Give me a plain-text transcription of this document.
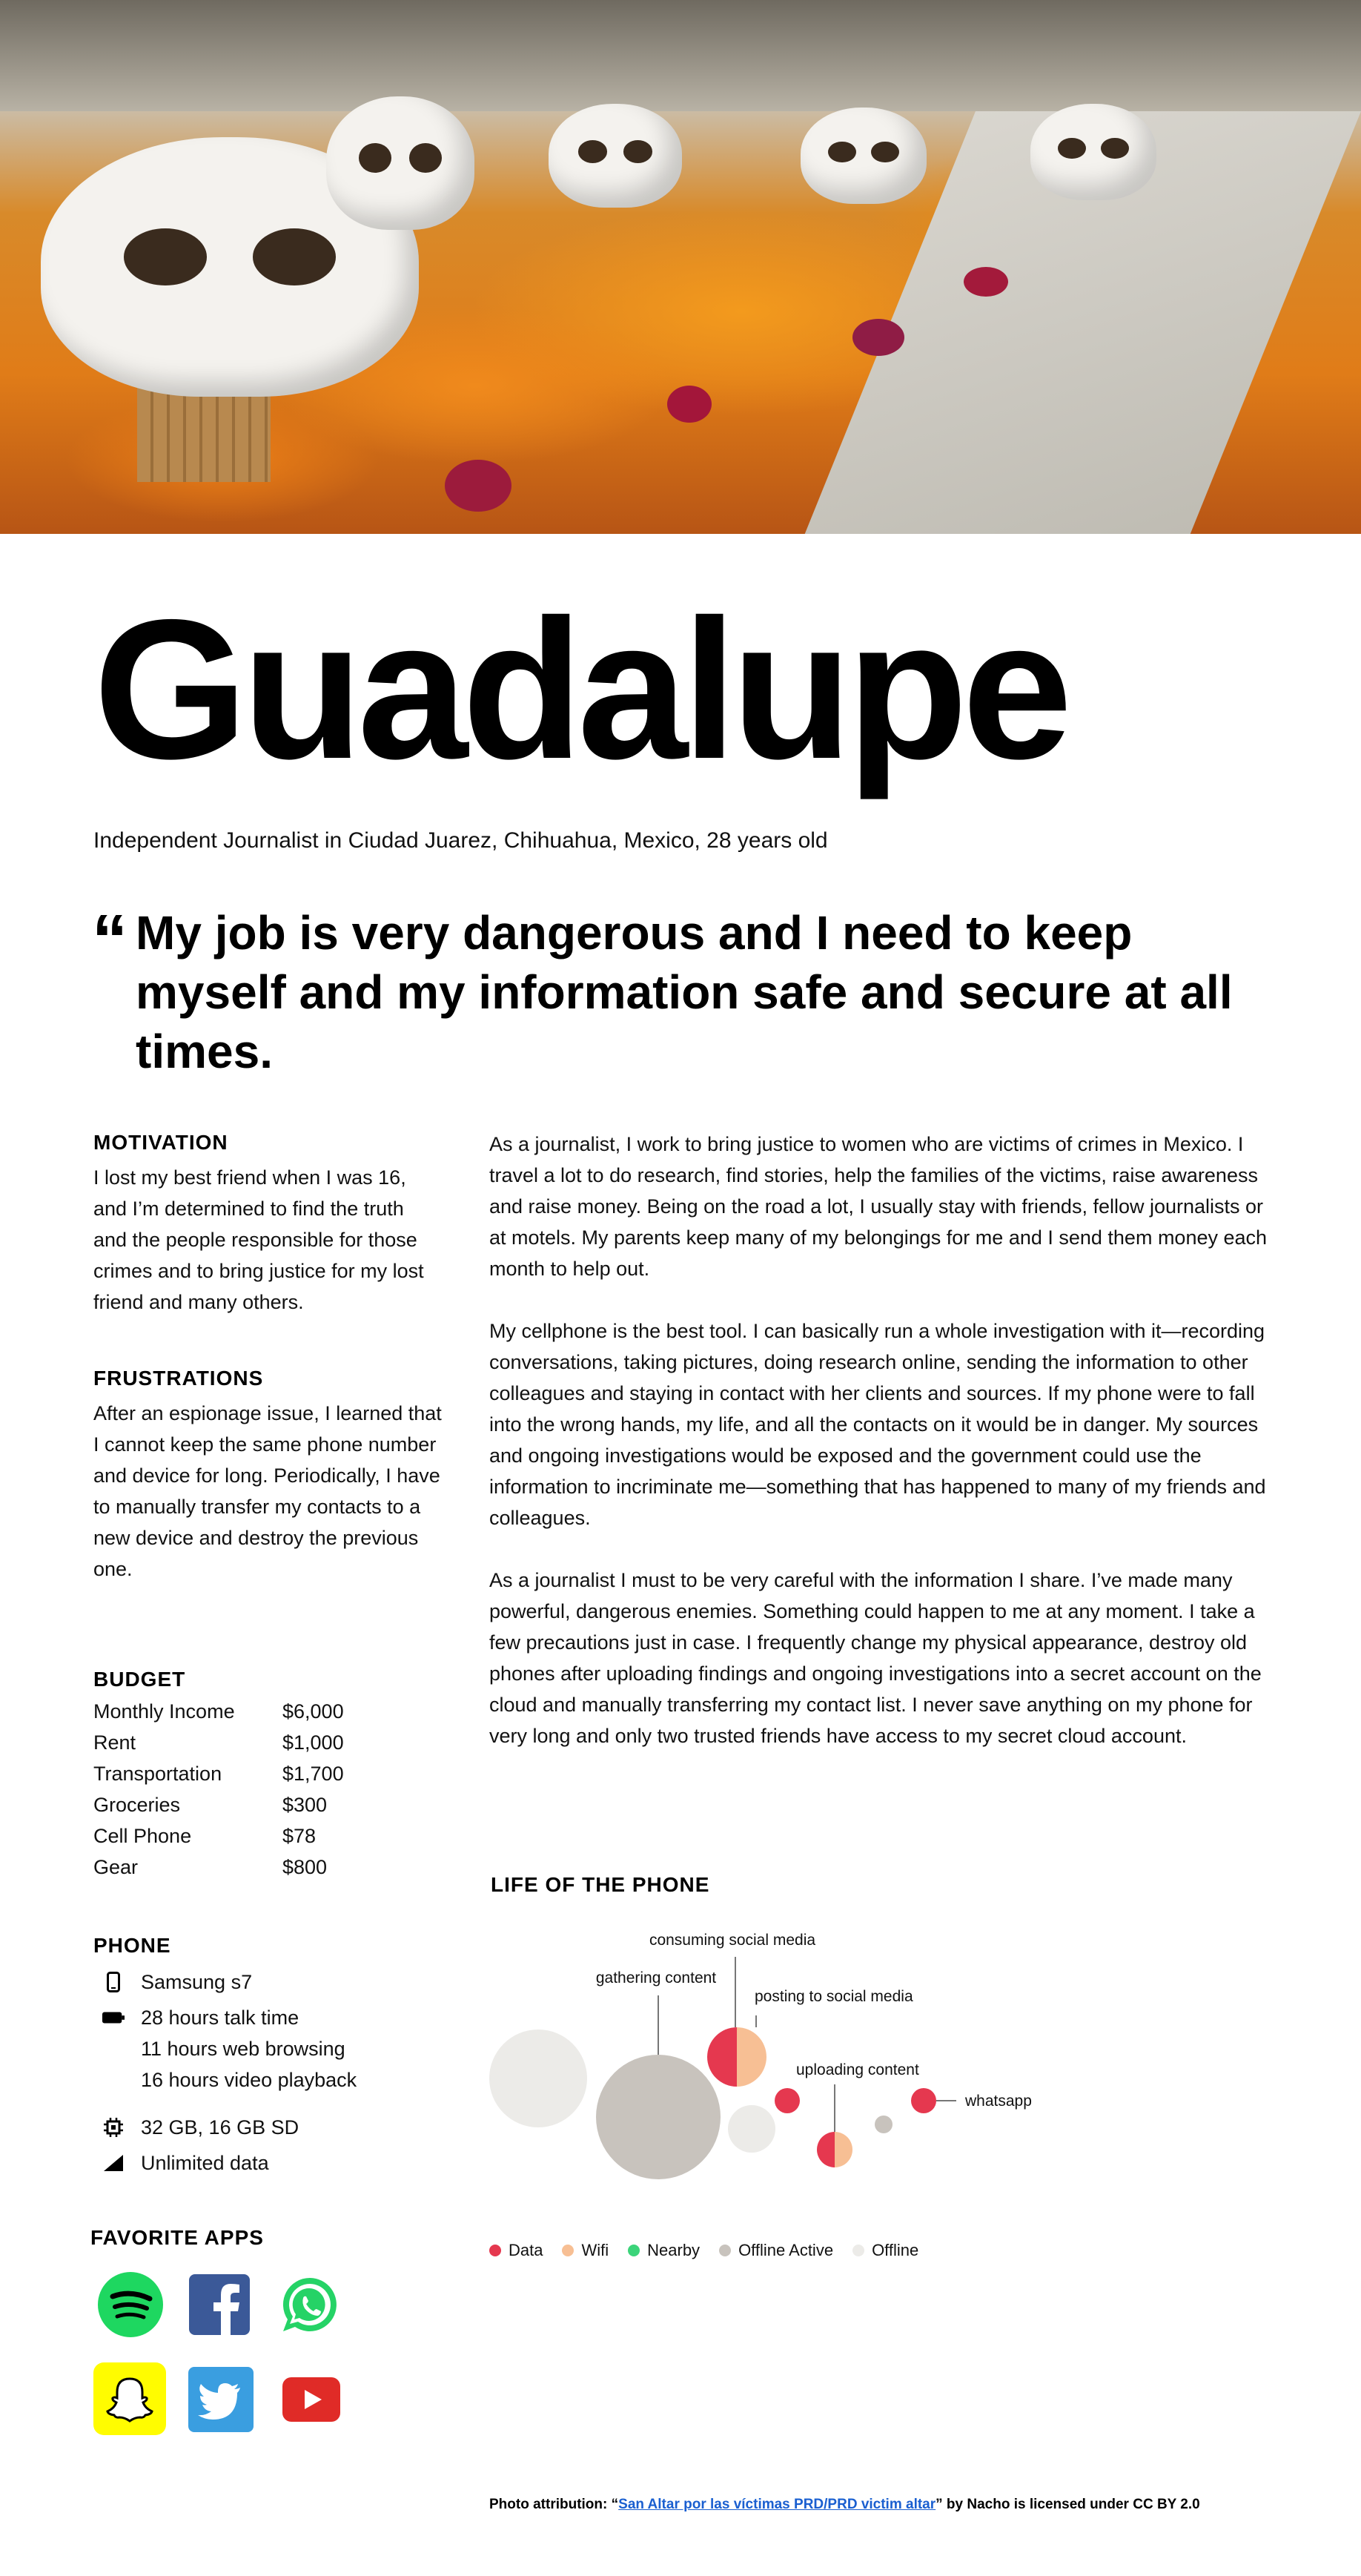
Guadalupe
Independent Journalist in Ciudad Juarez, Chihuahua, Mexico, 28 years old
“ My job is very dangerous and I need to keep myself and my information safe and secure at all times.
MOTIVATION
I lost my best friend when I was 16, and I’m determined to find the truth and the people responsible for those crimes and to bring justice for my lost friend and many others.
FRUSTRATIONS
After an espionage issue, I learned that I cannot keep the same phone number and device for long. Periodically, I have to manually transfer my contacts to a new device and destroy the previous one.
BUDGET
Monthly Income	$6,000
Rent	$1,000
Transportation	$1,700
Groceries	$300
Cell Phone	$78
Gear	$800
PHONE
Samsung s7
28 hours talk time
11 hours web browsing
16 hours video playback
32 GB, 16 GB SD
Unlimited data
FAVORITE APPS
As a journalist, I work to bring justice to women who are victims of crimes in Mexico. I travel a lot to do research, find stories, help the families of the victims, raise awareness and raise money. Being on the road a lot, I usually stay with friends, fellow journalists or at motels. My parents keep many of my belongings for me and I send them money each month to help out.
My cellphone is the best tool. I can basically run a whole investigation with it—recording conversations, taking pictures, doing research online, sending the information to other colleagues and staying in contact with her clients and sources. If my phone were to fall into the wrong hands, my life, and all the contacts on it would be in danger. My sources and ongoing investigations would be exposed and the government could use the information to incriminate me—something that has happened to many of my friends and colleagues.
As a journalist I must to be very careful with the information I share. I’ve made many powerful, dangerous enemies. Something could happen to me at any moment. I take a few precautions just in case. I frequently change my physical appearance, destroy old phones after uploading findings and ongoing investigations into a secret account on the cloud and manually transferring my contact list. I never save anything on my phone for very long and only two trusted friends have access to my secret cloud account.
LIFE OF THE PHONE
gathering content
consuming social media
posting to social media
uploading content
whatsapp
Data Wifi Nearby Offline Active Offline
Photo attribution: “San Altar por las víctimas PRD/PRD victim altar” by Nacho is licensed under CC BY 2.0
